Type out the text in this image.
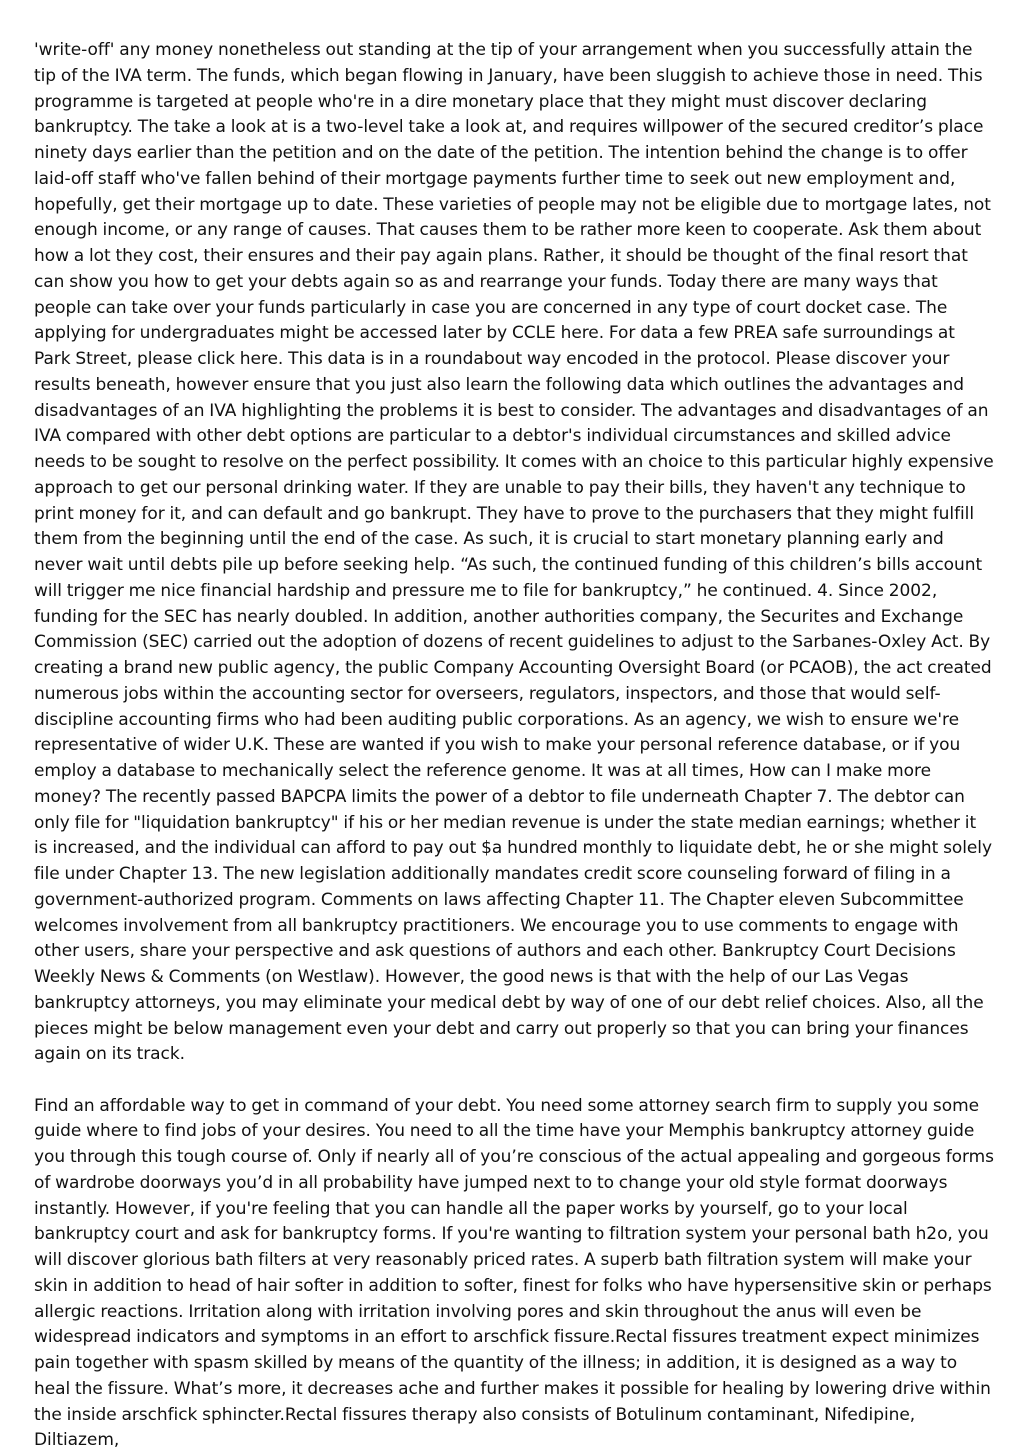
'write-off' any money nonetheless out standing at the tip of your arrangement when you successfully attain the tip of the IVA term. The funds, which began flowing in January, have been sluggish to achieve those in need. This programme is targeted at people who're in a dire monetary place that they might must discover declaring bankruptcy. The take a look at is a two-level take a look at, and requires willpower of the secured creditor’s place ninety days earlier than the petition and on the date of the petition. The intention behind the change is to offer laid-off staff who've fallen behind of their mortgage payments further time to seek out new employment and, hopefully, get their mortgage up to date. These varieties of people may not be eligible due to mortgage lates, not enough income, or any range of causes. That causes them to be rather more keen to cooperate. Ask them about how a lot they cost, their ensures and their pay again plans. Rather, it should be thought of the final resort that can show you how to get your debts again so as and rearrange your funds. Today there are many ways that people can take over your funds particularly in case you are concerned in any type of court docket case. The applying for undergraduates might be accessed later by CCLE here. For data a few PREA safe surroundings at Park Street, please click here. This data is in a roundabout way encoded in the protocol. Please discover your results beneath, however ensure that you just also learn the following data which outlines the advantages and disadvantages of an IVA highlighting the problems it is best to consider. The advantages and disadvantages of an IVA compared with other debt options are particular to a debtor's individual circumstances and skilled advice needs to be sought to resolve on the perfect possibility. It comes with an choice to this particular highly expensive approach to get our personal drinking water. If they are unable to pay their bills, they haven't any technique to print money for it, and can default and go bankrupt. They have to prove to the purchasers that they might fulfill them from the beginning until the end of the case. As such, it is crucial to start monetary planning early and never wait until debts pile up before seeking help. “As such, the continued funding of this children’s bills account will trigger me nice financial hardship and pressure me to file for bankruptcy,” he continued. 4. Since 2002, funding for the SEC has nearly doubled. In addition, another authorities company, the Securites and Exchange Commission (SEC) carried out the adoption of dozens of recent guidelines to adjust to the Sarbanes-Oxley Act. By creating a brand new public agency, the public Company Accounting Oversight Board (or PCAOB), the act created numerous jobs within the accounting sector for overseers, regulators, inspectors, and those that would self-discipline accounting firms who had been auditing public corporations. As an agency, we wish to ensure we're representative of wider U.K. These are wanted if you wish to make your personal reference database, or if you employ a database to mechanically select the reference genome. It was at all times, How can I make more money? The recently passed BAPCPA limits the power of a debtor to file underneath Chapter 7. The debtor can only file for "liquidation bankruptcy" if his or her median revenue is under the state median earnings; whether it is increased, and the individual can afford to pay out $a hundred monthly to liquidate debt, he or she might solely file under Chapter 13. The new legislation additionally mandates credit score counseling forward of filing in a government-authorized program. Comments on laws affecting Chapter 11. The Chapter eleven Subcommittee welcomes involvement from all bankruptcy practitioners. We encourage you to use comments to engage with other users, share your perspective and ask questions of authors and each other. Bankruptcy Court Decisions Weekly News & Comments (on Westlaw). However, the good news is that with the help of our Las Vegas bankruptcy attorneys, you may eliminate your medical debt by way of one of our debt relief choices. Also, all the pieces might be below management even your debt and carry out properly so that you can bring your finances again on its track.

Find an affordable way to get in command of your debt. You need some attorney search firm to supply you some guide where to find jobs of your desires. You need to all the time have your Memphis bankruptcy attorney guide you through this tough course of. Only if nearly all of you’re conscious of the actual appealing and gorgeous forms of wardrobe doorways you’d in all probability have jumped next to to change your old style format doorways instantly. However, if you're feeling that you can handle all the paper works by yourself, go to your local bankruptcy court and ask for bankruptcy forms. If you're wanting to filtration system your personal bath h2o, you will discover glorious bath filters at very reasonably priced rates. A superb bath filtration system will make your skin in addition to head of hair softer in addition to softer, finest for folks who have hypersensitive skin or perhaps allergic reactions. Irritation along with irritation involving pores and skin throughout the anus will even be widespread indicators and symptoms in an effort to arschfick fissure.Rectal fissures treatment expect minimizes pain together with spasm skilled by means of the quantity of the illness; in addition, it is designed as a way to heal the fissure. What’s more, it decreases ache and further makes it possible for healing by lowering drive within the inside arschfick sphincter.Rectal fissures therapy also consists of Botulinum contaminant, Nifedipine, Diltiazem,
